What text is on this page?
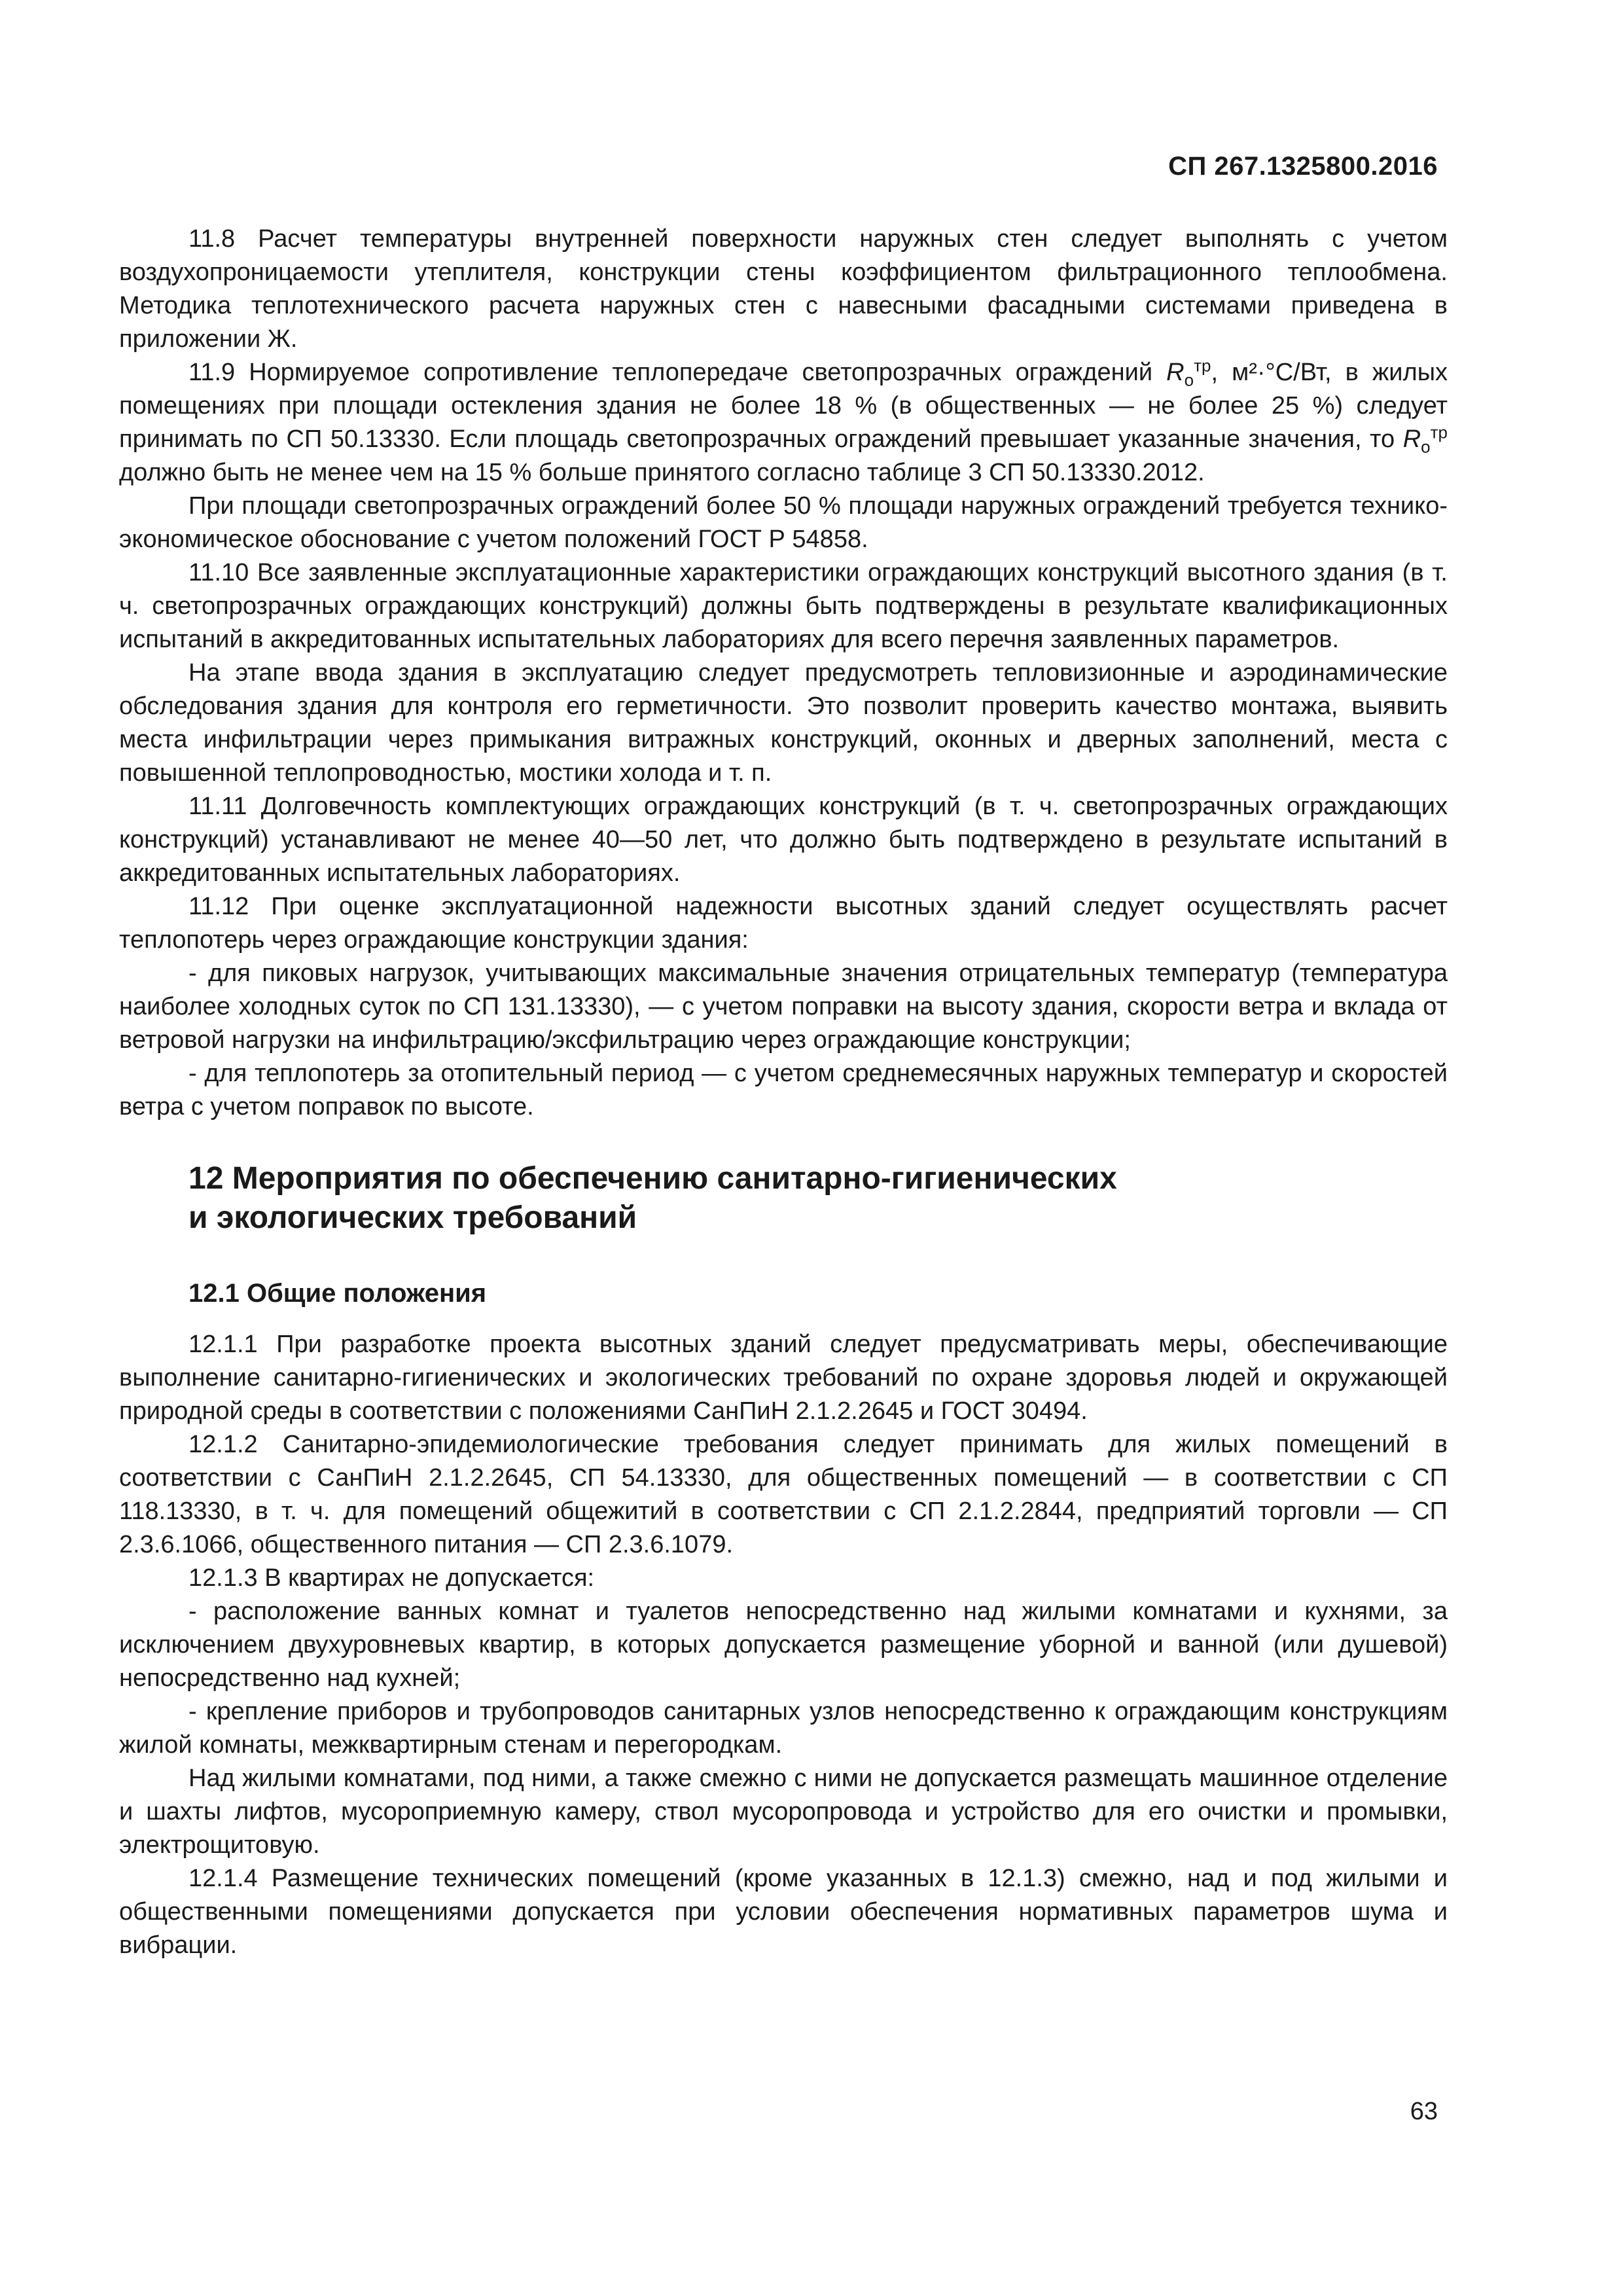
СП 267.1325800.2016

11.8 Расчет температуры внутренней поверхности наружных стен следует выполнять с учетом воздухопроницаемости утеплителя, конструкции стены коэффициентом фильтрационного теплообмена. Методика теплотехнического расчета наружных стен с навесными фасадными системами приведена в приложении Ж.

11.9 Нормируемое сопротивление теплопередаче светопрозрачных ограждений $R_о^{тр}$, м²·°С/Вт, в жилых помещениях при площади остекления здания не более 18 % (в общественных — не более 25 %) следует принимать по СП 50.13330. Если площадь светопрозрачных ограждений превышает указанные значения, то $R_о^{тр}$ должно быть не менее чем на 15 % больше принятого согласно таблице 3 СП 50.13330.2012.

При площади светопрозрачных ограждений более 50 % площади наружных ограждений требуется технико-экономическое обоснование с учетом положений ГОСТ Р 54858.

11.10 Все заявленные эксплуатационные характеристики ограждающих конструкций высотного здания (в т. ч. светопрозрачных ограждающих конструкций) должны быть подтверждены в результате квалификационных испытаний в аккредитованных испытательных лабораториях для всего перечня заявленных параметров.

На этапе ввода здания в эксплуатацию следует предусмотреть тепловизионные и аэродинамические обследования здания для контроля его герметичности. Это позволит проверить качество монтажа, выявить места инфильтрации через примыкания витражных конструкций, оконных и дверных заполнений, места с повышенной теплопроводностью, мостики холода и т. п.

11.11 Долговечность комплектующих ограждающих конструкций (в т. ч. светопрозрачных ограждающих конструкций) устанавливают не менее 40—50 лет, что должно быть подтверждено в результате испытаний в аккредитованных испытательных лабораториях.

11.12 При оценке эксплуатационной надежности высотных зданий следует осуществлять расчет теплопотерь через ограждающие конструкции здания:

- для пиковых нагрузок, учитывающих максимальные значения отрицательных температур (температура наиболее холодных суток по СП 131.13330), — с учетом поправки на высоту здания, скорости ветра и вклада от ветровой нагрузки на инфильтрацию/эксфильтрацию через ограждающие конструкции;

- для теплопотерь за отопительный период — с учетом среднемесячных наружных температур и скоростей ветра с учетом поправок по высоте.

12 Мероприятия по обеспечению санитарно-гигиенических
и экологических требований
12.1 Общие положения

12.1.1 При разработке проекта высотных зданий следует предусматривать меры, обеспечивающие выполнение санитарно-гигиенических и экологических требований по охране здоровья людей и окружающей природной среды в соответствии с положениями СанПиН 2.1.2.2645 и ГОСТ 30494.

12.1.2 Санитарно-эпидемиологические требования следует принимать для жилых помещений в соответствии с СанПиН 2.1.2.2645, СП 54.13330, для общественных помещений — в соответствии с СП 118.13330, в т. ч. для помещений общежитий в соответствии с СП 2.1.2.2844, предприятий торговли — СП 2.3.6.1066, общественного питания — СП 2.3.6.1079.

12.1.3 В квартирах не допускается:

- расположение ванных комнат и туалетов непосредственно над жилыми комнатами и кухнями, за исключением двухуровневых квартир, в которых допускается размещение уборной и ванной (или душевой) непосредственно над кухней;

- крепление приборов и трубопроводов санитарных узлов непосредственно к ограждающим конструкциям жилой комнаты, межквартирным стенам и перегородкам.

Над жилыми комнатами, под ними, а также смежно с ними не допускается размещать машинное отделение и шахты лифтов, мусороприемную камеру, ствол мусоропровода и устройство для его очистки и промывки, электрощитовую.

12.1.4 Размещение технических помещений (кроме указанных в 12.1.3) смежно, над и под жилыми и общественными помещениями допускается при условии обеспечения нормативных параметров шума и вибрации.

63
